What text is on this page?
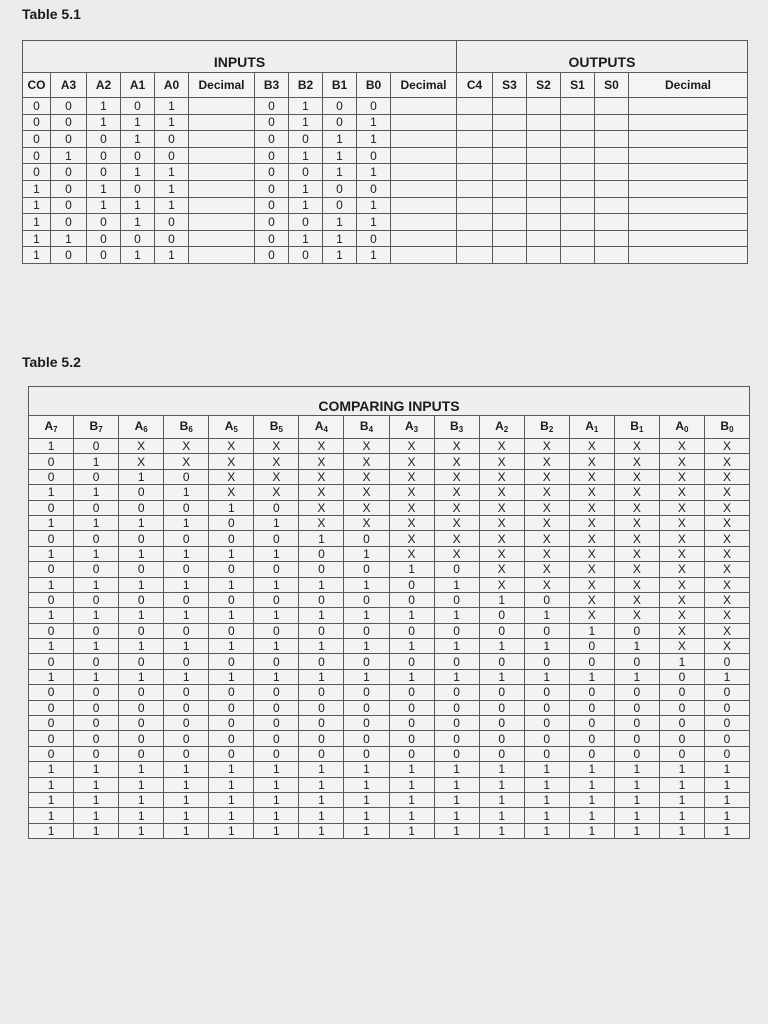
Table 5.1
INPUTS											OUTPUTS					
CO	A3	A2	A1	A0	Decimal	B3	B2	B1	B0	Decimal	C4	S3	S2	S1	S0	Decimal
0	0	1	0	1		0	1	0	0							
0	0	1	1	1		0	1	0	1							
0	0	0	1	0		0	0	1	1							
0	1	0	0	0		0	1	1	0							
0	0	0	1	1		0	0	1	1							
1	0	1	0	1		0	1	0	0							
1	0	1	1	1		0	1	0	1							
1	0	0	1	0		0	0	1	1							
1	1	0	0	0		0	1	1	0							
1	0	0	1	1		0	0	1	1							
Table 5.2
COMPARING INPUTS															
$A_7$	$B_7$	$A_6$	$B_6$	$A_5$	$B_5$	$A_4$	$B_4$	$A_3$	$B_3$	$A_2$	$B_2$	$A_1$	$B_1$	$A_0$	$B_0$
1	0	X	X	X	X	X	X	X	X	X	X	X	X	X	X
0	1	X	X	X	X	X	X	X	X	X	X	X	X	X	X
0	0	1	0	X	X	X	X	X	X	X	X	X	X	X	X
1	1	0	1	X	X	X	X	X	X	X	X	X	X	X	X
0	0	0	0	1	0	X	X	X	X	X	X	X	X	X	X
1	1	1	1	0	1	X	X	X	X	X	X	X	X	X	X
0	0	0	0	0	0	1	0	X	X	X	X	X	X	X	X
1	1	1	1	1	1	0	1	X	X	X	X	X	X	X	X
0	0	0	0	0	0	0	0	1	0	X	X	X	X	X	X
1	1	1	1	1	1	1	1	0	1	X	X	X	X	X	X
0	0	0	0	0	0	0	0	0	0	1	0	X	X	X	X
1	1	1	1	1	1	1	1	1	1	0	1	X	X	X	X
0	0	0	0	0	0	0	0	0	0	0	0	1	0	X	X
1	1	1	1	1	1	1	1	1	1	1	1	0	1	X	X
0	0	0	0	0	0	0	0	0	0	0	0	0	0	1	0
1	1	1	1	1	1	1	1	1	1	1	1	1	1	0	1
0	0	0	0	0	0	0	0	0	0	0	0	0	0	0	0
0	0	0	0	0	0	0	0	0	0	0	0	0	0	0	0
0	0	0	0	0	0	0	0	0	0	0	0	0	0	0	0
0	0	0	0	0	0	0	0	0	0	0	0	0	0	0	0
0	0	0	0	0	0	0	0	0	0	0	0	0	0	0	0
1	1	1	1	1	1	1	1	1	1	1	1	1	1	1	1
1	1	1	1	1	1	1	1	1	1	1	1	1	1	1	1
1	1	1	1	1	1	1	1	1	1	1	1	1	1	1	1
1	1	1	1	1	1	1	1	1	1	1	1	1	1	1	1
1	1	1	1	1	1	1	1	1	1	1	1	1	1	1	1
